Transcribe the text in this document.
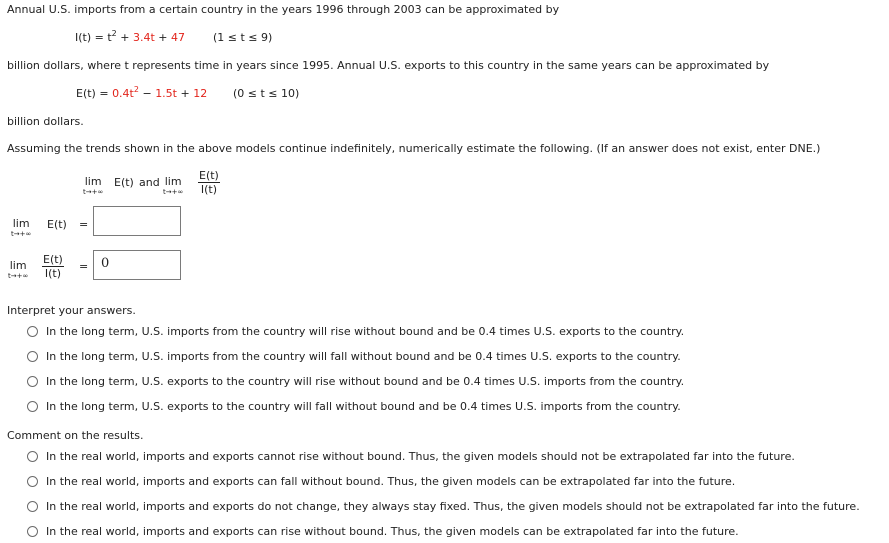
Annual U.S. imports from a certain country in the years 1996 through 2003 can be approximated by
$I(t) = t^2 + 3.4t + 47$	(1 ≤ t ≤ 9)
billion dollars, where t represents time in years since 1995. Annual U.S. exports to this country in the same years can be approximated by
$E(t) = 0.4t^2 - 1.5t + 12$ (0 ≤ t ≤ 10)
billion dollars.
Assuming the trends shown in the above models continue indefinitely, numerically estimate the following. (If an answer does not exist, enter DNE.)
lim
t→+∞
E(t) and lim
$t\to+\infty \frac{E(t)}{I(t)}$
lim
t→+∞
E(t) =
lim
$t\to+\infty \frac{E(t)}{I(t)} = 0$
Interpret your answers.
In the long term, U.S. imports from the country will rise without bound and be 0.4 times U.S. exports to the country.
In the long term, U.S. imports from the country will fall without bound and be 0.4 times U.S. exports to the country.
In the long term, U.S. exports to the country will rise without bound and be 0.4 times U.S. imports from the country.
In the long term, U.S. exports to the country will fall without bound and be 0.4 times U.S. imports from the country.
Comment on the results.
In the real world, imports and exports cannot rise without bound. Thus, the given models should not be extrapolated far into the future.
In the real world, imports and exports can fall without bound. Thus, the given models can be extrapolated far into the future.
In the real world, imports and exports do not change, they always stay fixed. Thus, the given models should not be extrapolated far into the future.
In the real world, imports and exports can rise without bound. Thus, the given models can be extrapolated far into the future.
